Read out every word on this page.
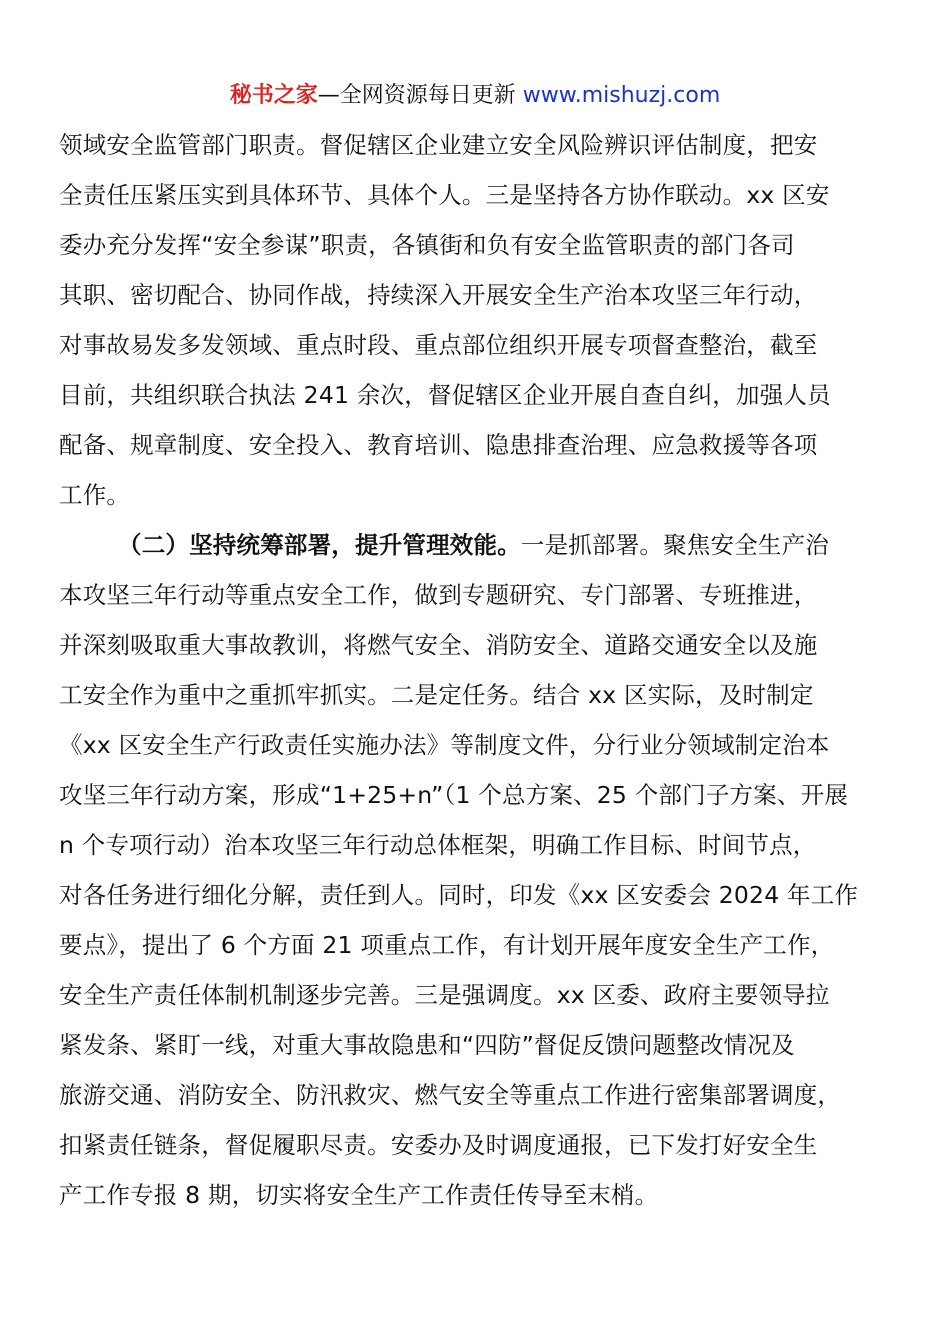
秘书之家—全网资源每日更新 www.mishuzj.com
领域安全监管部门职责。督促辖区企业建立安全风险辨识评估制度，把安
全责任压紧压实到具体环节、具体个人。三是坚持各方协作联动。xx 区安
委办充分发挥“安全参谋”职责，各镇街和负有安全监管职责的部门各司
其职、密切配合、协同作战，持续深入开展安全生产治本攻坚三年行动，
对事故易发多发领域、重点时段、重点部位组织开展专项督查整治，截至
目前，共组织联合执法 241 余次，督促辖区企业开展自查自纠，加强人员
配备、规章制度、安全投入、教育培训、隐患排查治理、应急救援等各项
工作。
（二）坚持统筹部署，提升管理效能。一是抓部署。聚焦安全生产治
本攻坚三年行动等重点安全工作，做到专题研究、专门部署、专班推进，
并深刻吸取重大事故教训，将燃气安全、消防安全、道路交通安全以及施
工安全作为重中之重抓牢抓实。二是定任务。结合 xx 区实际，及时制定
《xx 区安全生产行政责任实施办法》等制度文件，分行业分领域制定治本
攻坚三年行动方案，形成“1+25+n”（1 个总方案、25 个部门子方案、开展
n 个专项行动）治本攻坚三年行动总体框架，明确工作目标、时间节点，
对各任务进行细化分解，责任到人。同时，印发《xx 区安委会 2024 年工作
要点》，提出了 6 个方面 21 项重点工作，有计划开展年度安全生产工作，
安全生产责任体制机制逐步完善。三是强调度。xx 区委、政府主要领导拉
紧发条、紧盯一线，对重大事故隐患和“四防”督促反馈问题整改情况及
旅游交通、消防安全、防汛救灾、燃气安全等重点工作进行密集部署调度，
扣紧责任链条，督促履职尽责。安委办及时调度通报，已下发打好安全生
产工作专报 8 期，切实将安全生产工作责任传导至末梢。
